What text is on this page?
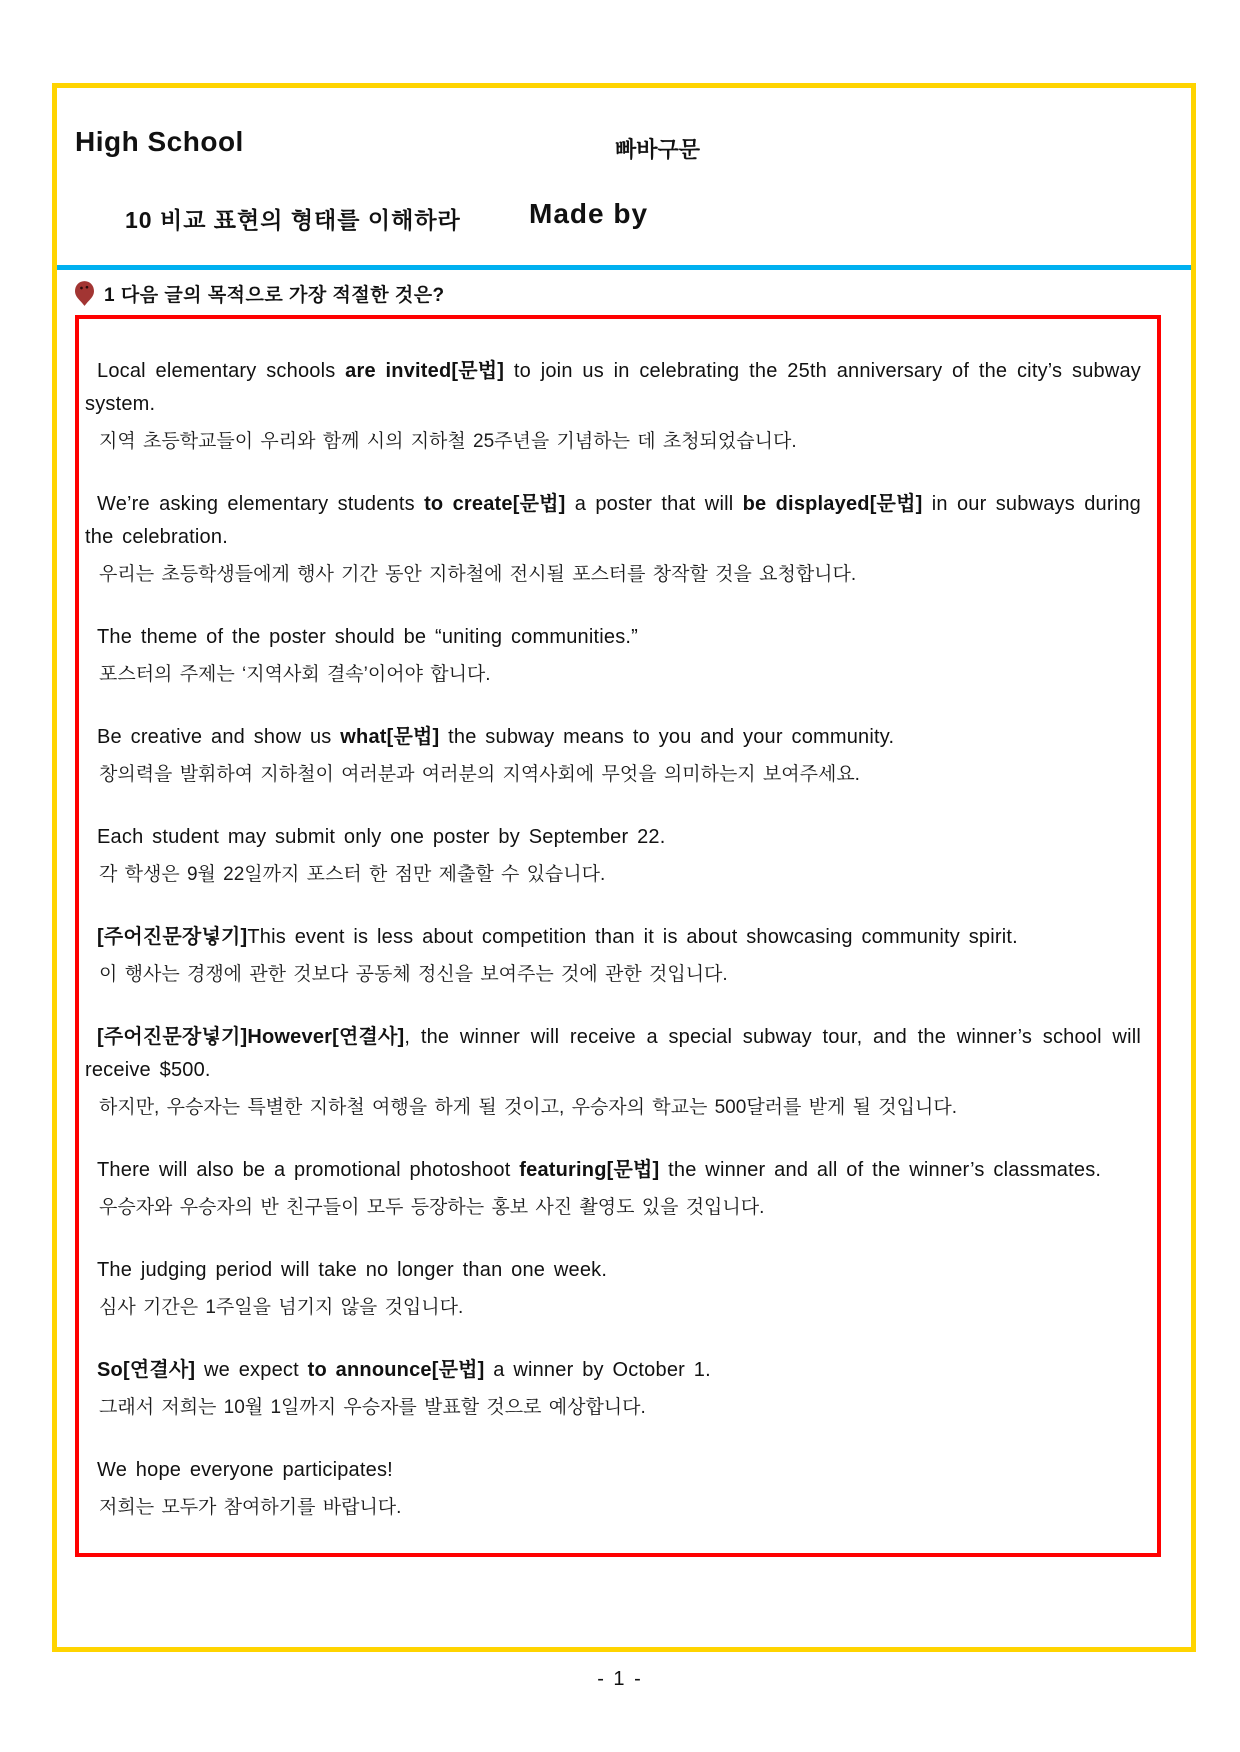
High School	빠바구문
10 비교 표현의 형태를 이해하라 Made by
1 다음 글의 목적으로 가장 적절한 것은?

Local elementary schools are invited[문법] to join us in celebrating the 25th anniversary of the city’s subway system.

지역 초등학교들이 우리와 함께 시의 지하철 25주년을 기념하는 데 초청되었습니다.

We’re asking elementary students to create[문법] a poster that will be displayed[문법] in our subways during the celebration.

우리는 초등학생들에게 행사 기간 동안 지하철에 전시될 포스터를 창작할 것을 요청합니다.

The theme of the poster should be “uniting communities.”

포스터의 주제는 ‘지역사회 결속’이어야 합니다.

Be creative and show us what[문법] the subway means to you and your community.

창의력을 발휘하여 지하철이 여러분과 여러분의 지역사회에 무엇을 의미하는지 보여주세요.

Each student may submit only one poster by September 22.

각 학생은 9월 22일까지 포스터 한 점만 제출할 수 있습니다.

[주어진문장넣기]This event is less about competition than it is about showcasing community spirit.

이 행사는 경쟁에 관한 것보다 공동체 정신을 보여주는 것에 관한 것입니다.

[주어진문장넣기]However[연결사], the winner will receive a special subway tour, and the winner’s school will receive $500.

하지만, 우승자는 특별한 지하철 여행을 하게 될 것이고, 우승자의 학교는 500달러를 받게 될 것입니다.

There will also be a promotional photoshoot featuring[문법] the winner and all of the winner’s classmates.

우승자와 우승자의 반 친구들이 모두 등장하는 홍보 사진 촬영도 있을 것입니다.

The judging period will take no longer than one week.

심사 기간은 1주일을 넘기지 않을 것입니다.

So[연결사] we expect to announce[문법] a winner by October 1.

그래서 저희는 10월 1일까지 우승자를 발표할 것으로 예상합니다.

We hope everyone participates!

저희는 모두가 참여하기를 바랍니다.

- 1 -
